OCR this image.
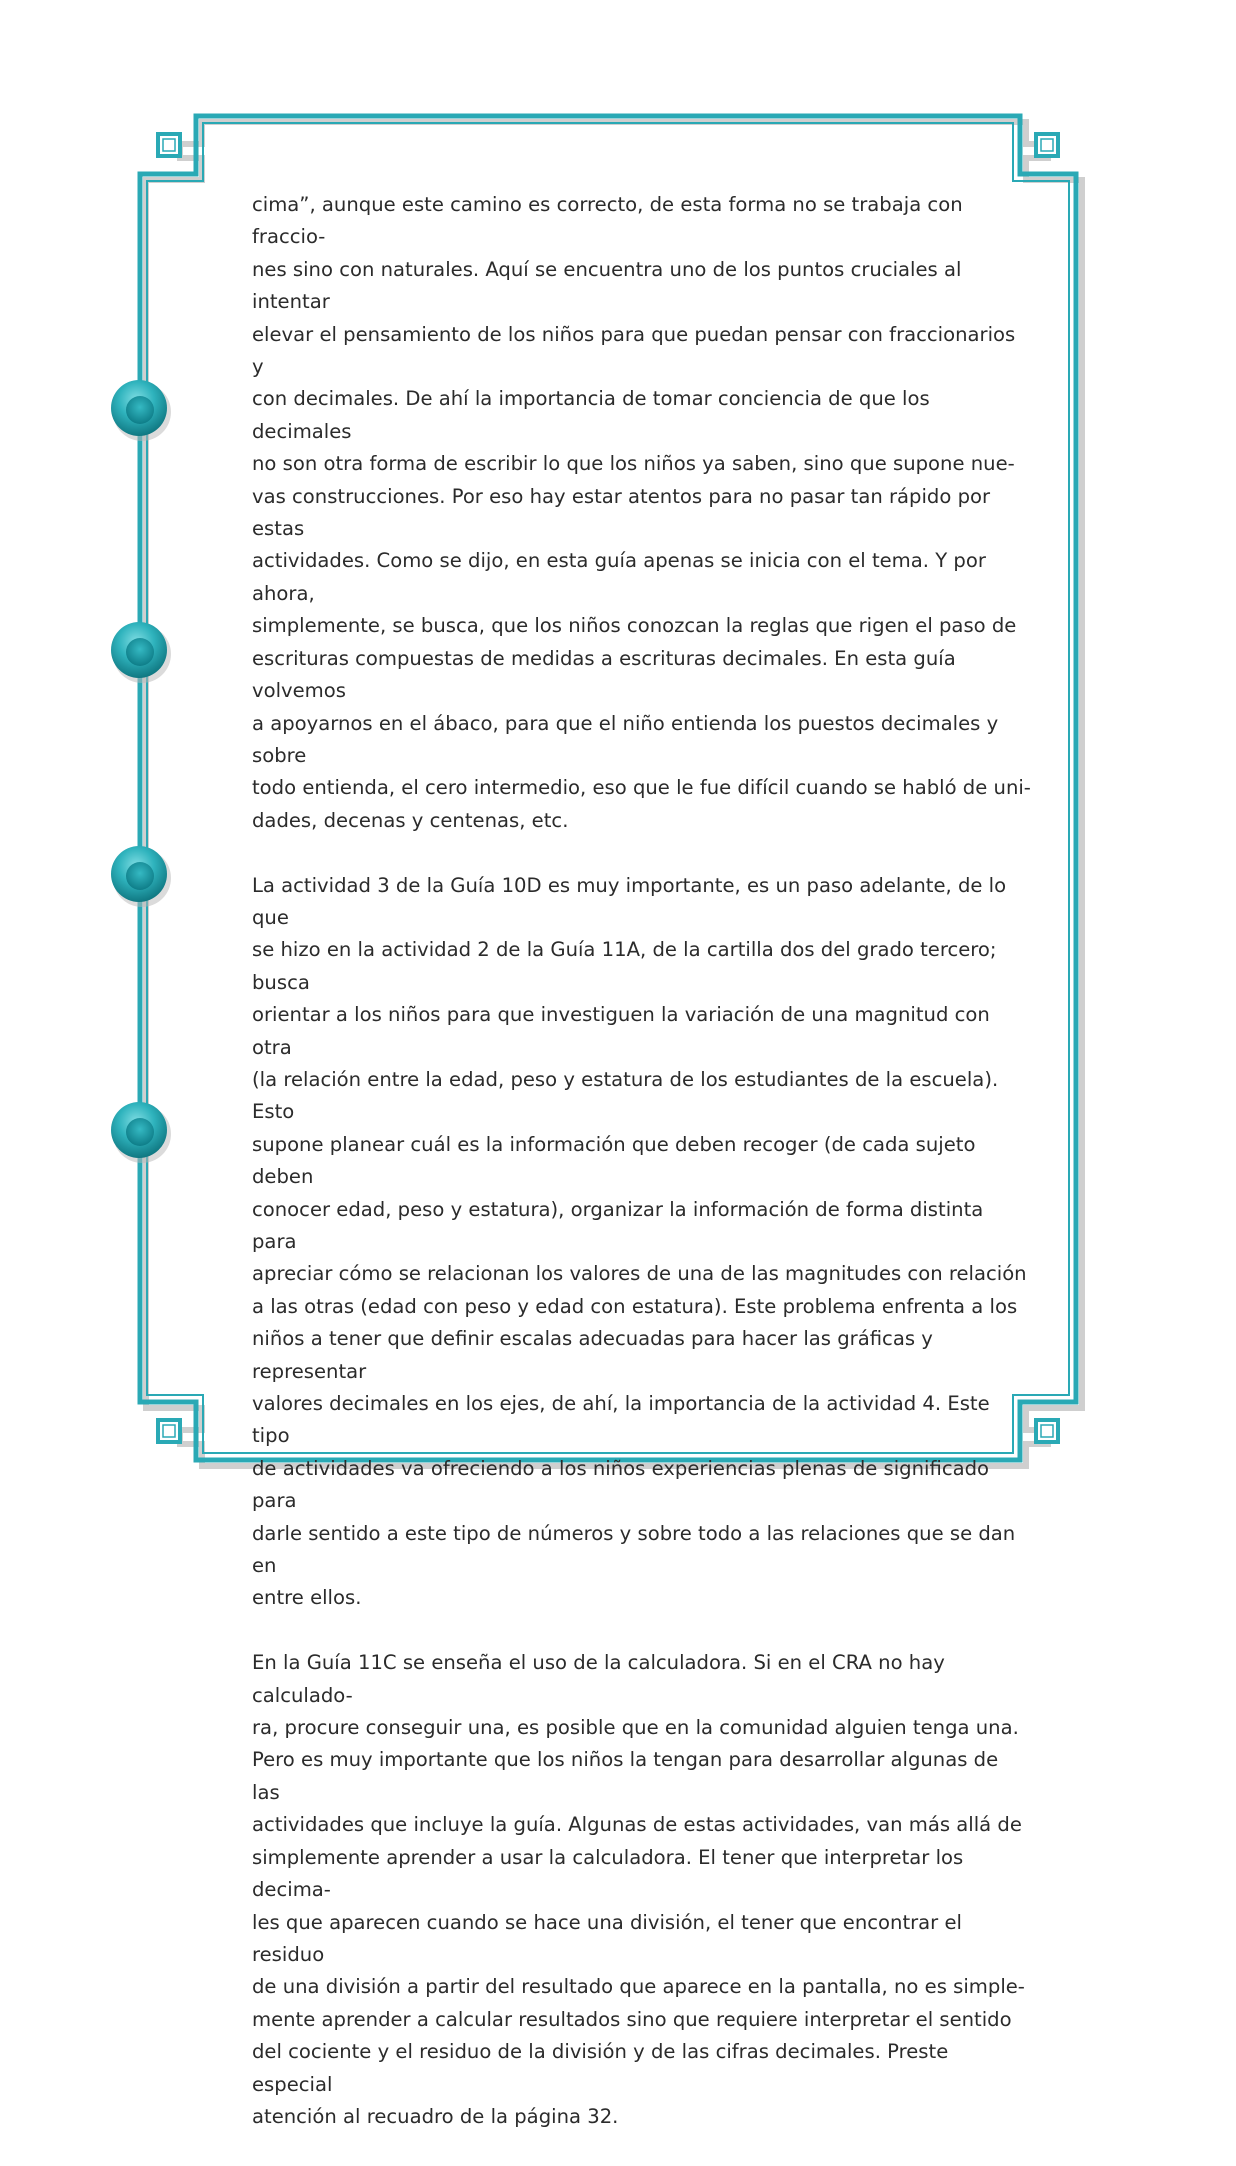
cima”, aunque este camino es correcto, de esta forma no se trabaja con fraccio-
nes sino con naturales. Aquí se encuentra uno de los puntos cruciales al intentar
elevar el pensamiento de los niños para que puedan pensar con fraccionarios y
con decimales. De ahí la importancia de tomar conciencia de que los decimales
no son otra forma de escribir lo que los niños ya saben, sino que supone nue-
vas construcciones. Por eso hay estar atentos para no pasar tan rápido por estas
actividades. Como se dijo, en esta guía apenas se inicia con el tema. Y por ahora,
simplemente, se busca, que los niños conozcan la reglas que rigen el paso de
escrituras compuestas de medidas a escrituras decimales. En esta guía volvemos
a apoyarnos en el ábaco, para que el niño entienda los puestos decimales y sobre
todo entienda, el cero intermedio, eso que le fue difícil cuando se habló de uni-
dades, decenas y centenas, etc.

La actividad 3 de la Guía 10D es muy importante, es un paso adelante, de lo que
se hizo en la actividad 2 de la Guía 11A, de la cartilla dos del grado tercero; busca
orientar a los niños para que investiguen la variación de una magnitud con otra
(la relación entre la edad, peso y estatura de los estudiantes de la escuela). Esto
supone planear cuál es la información que deben recoger (de cada sujeto deben
conocer edad, peso y estatura), organizar la información de forma distinta para
apreciar cómo se relacionan los valores de una de las magnitudes con relación
a las otras (edad con peso y edad con estatura). Este problema enfrenta a los
niños a tener que definir escalas adecuadas para hacer las gráficas y representar
valores decimales en los ejes, de ahí, la importancia de la actividad 4. Este tipo
de actividades va ofreciendo a los niños experiencias plenas de significado para
darle sentido a este tipo de números y sobre todo a las relaciones que se dan en
entre ellos.

En la Guía 11C se enseña el uso de la calculadora. Si en el CRA no hay calculado-
ra, procure conseguir una, es posible que en la comunidad alguien tenga una.
Pero es muy importante que los niños la tengan para desarrollar algunas de las
actividades que incluye la guía. Algunas de estas actividades, van más allá de
simplemente aprender a usar la calculadora. El tener que interpretar los decima-
les que aparecen cuando se hace una división, el tener que encontrar el residuo
de una división a partir del resultado que aparece en la pantalla, no es simple-
mente aprender a calcular resultados sino que requiere interpretar el sentido
del cociente y el residuo de la división y de las cifras decimales. Preste especial
atención al recuadro de la página 32.
